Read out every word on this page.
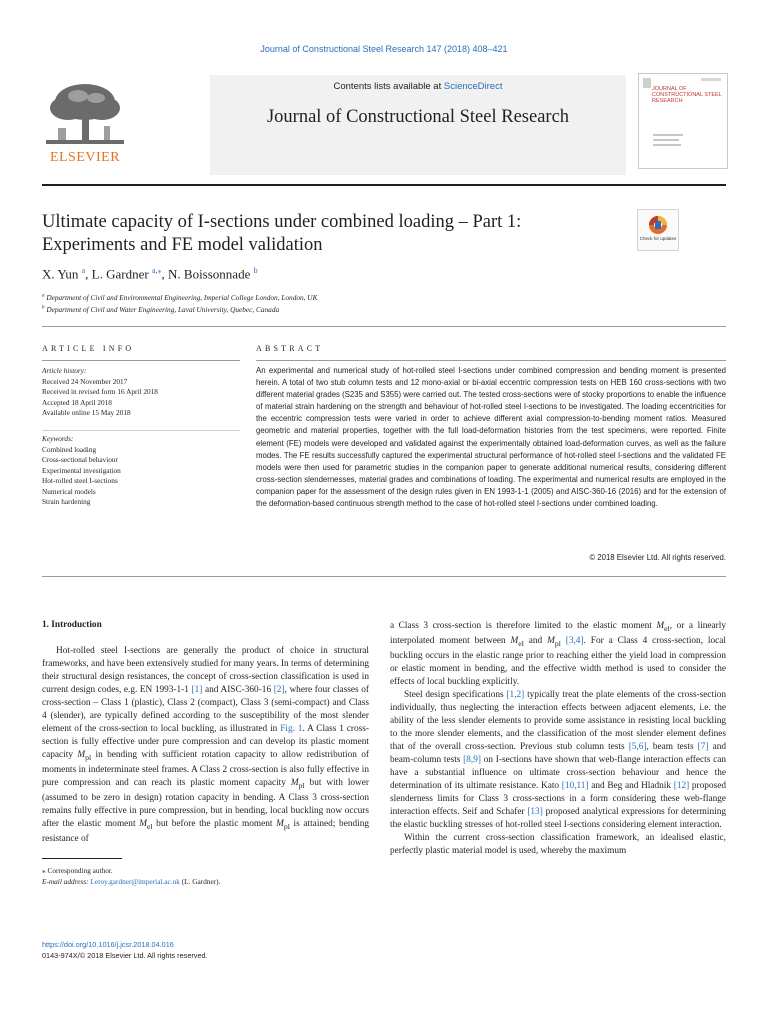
Journal of Constructional Steel Research 147 (2018) 408–421
Contents lists available at ScienceDirect
Journal of Constructional Steel Research
ELSEVIER
JOURNAL OF CONSTRUCTIONAL STEEL RESEARCH
Ultimate capacity of I-sections under combined loading – Part 1:
Experiments and FE model validation	Check for updates
X. Yun $^a$, L. Gardner $^{a,⁎}$, N. Boissonnade $^b$
$^a$ Department of Civil and Environmental Engineering, Imperial College London, London, UK
$^b$ Department of Civil and Water Engineering, Laval University, Quebec, Canada
ARTICLE INFO
Article history:
Received 24 November 2017
Received in revised form 16 April 2018
Accepted 18 April 2018
Available online 15 May 2018
Keywords:
Combined loading
Cross-sectional behaviour
Experimental investigation
Hot-rolled steel I-sections
Numerical models
Strain hardening
ABSTRACT
An experimental and numerical study of hot-rolled steel I-sections under combined compression and bending moment is presented herein. A total of two stub column tests and 12 mono-axial or bi-axial eccentric compression tests on HEB 160 cross-sections with two different material grades (S235 and S355) were carried out. The tested cross-sections were of stocky proportions to enable the influence of material strain hardening on the strength and behaviour of hot-rolled steel I-sections to be investigated. The loading eccentricities for the eccentric compression tests were varied in order to achieve different axial compression-to-bending moment ratios. Measured geometric and material properties, together with the full load-deformation histories from the test specimens, were reported. Finite element (FE) models were developed and validated against the experimentally obtained load-deformation curves, as well as the failure modes. The FE results successfully captured the experimental structural performance of hot-rolled steel I-sections and the validated FE models were then used for parametric studies in the companion paper to generate additional numerical results, considering different cross-section slendernesses, material grades and combinations of loading. The experimental and numerical results are employed in the companion paper for the assessment of the design rules given in EN 1993-1-1 (2005) and AISC-360-16 (2016) and for the extension of the deformation-based continuous strength method to the case of hot-rolled steel I-sections under combined loading.
© 2018 Elsevier Ltd. All rights reserved.
1. Introduction

Hot-rolled steel I-sections are generally the product of choice in structural frameworks, and have been extensively studied for many years. In terms of determining their structural design resistances, the concept of cross-section classification is used in current design codes, e.g. EN 1993-1-1 [1] and AISC-360-16 [2], where four classes of cross-section – Class 1 (plastic), Class 2 (compact), Class 3 (semi-compact) and Class 4 (slender), are typically defined according to the susceptibility of the most slender element of the cross-section to local buckling, as illustrated in Fig. 1. A Class 1 cross-section is fully effective under pure compression and can develop its plastic moment capacity $M_{pl}$ in bending with sufficient rotation capacity to allow redistribution of moments in indeterminate steel frames. A Class 2 cross-section is also fully effective in pure compression and can reach its plastic moment capacity $M_{pl}$ but with lower (assumed to be zero in design) rotation capacity in bending. A Class 3 cross-section remains fully effective in pure compression, but in bending, local buckling now occurs after the elastic moment $M_{el}$ but before the plastic moment $M_{pl}$ is attained; bending resistance of

a Class 3 cross-section is therefore limited to the elastic moment $M_{el}$, or a linearly interpolated moment between $M_{el}$ and $M_{pl}$ [3,4]. For a Class 4 cross-section, local buckling occurs in the elastic range prior to reaching either the yield load in compression or elastic moment in bending, and the effective width method is used to consider the effects of local buckling explicitly.

Steel design specifications [1,2] typically treat the plate elements of the cross-section individually, thus neglecting the interaction effects between adjacent elements, i.e. the ability of the less slender elements to provide some assistance in resisting local buckling to the more slender elements, and the classification of the most slender element defines that of the overall cross-section. Previous stub column tests [5,6], beam tests [7] and beam-column tests [8,9] on I-sections have shown that web-flange interaction effects can have a substantial influence on ultimate cross-section behaviour and hence the determination of its ultimate resistance. Kato [10,11] and Beg and Hladnik [12] proposed slenderness limits for Class 3 cross-sections in a form considering these web-flange interaction effects. Seif and Schafer [13] proposed analytical expressions for determining the elastic buckling stresses of hot-rolled steel I-sections considering element interaction.

Within the current cross-section classification framework, an idealised elastic, perfectly plastic material model is used, whereby the maximum

⁎ Corresponding author.
E-mail address: Leroy.gardner@imperial.ac.uk (L. Gardner).
https://doi.org/10.1016/j.jcsr.2018.04.016
0143-974X/© 2018 Elsevier Ltd. All rights reserved.
